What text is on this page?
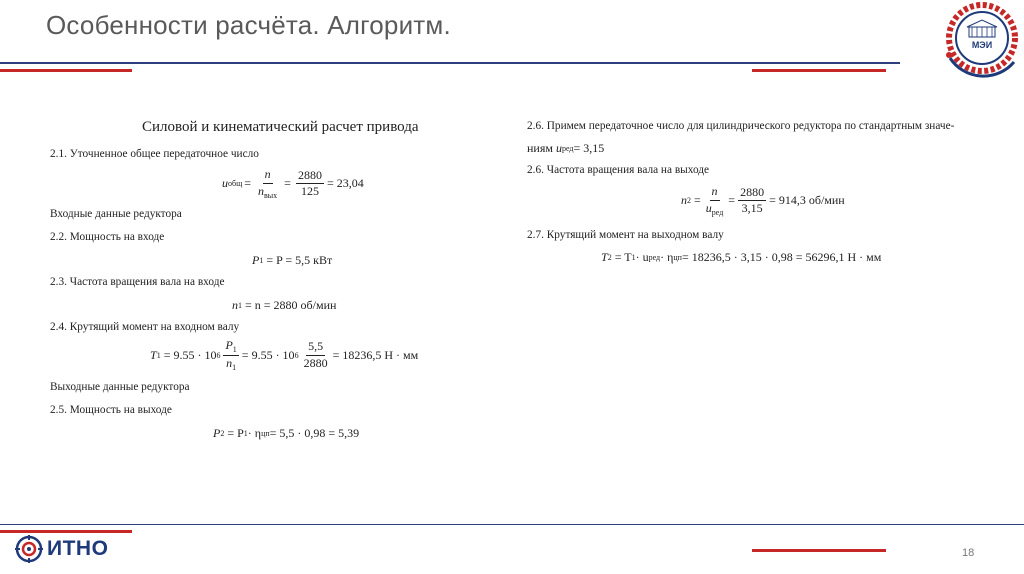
Особенности расчёта. Алгоритм.
МЭИ
Силовой и кинематический расчет привода
2.1. Уточненное общее передаточное число
u общ = $\frac{n}{n_{вых}} = \frac{2880}{125} = 23,04$
Входные данные редуктора
2.2. Мощность на входе
P 1
= P = 5,5 кВт
2.3. Частота вращения вала на входе
n 1
= n = 2880 об/мин
2.4. Крутящий момент на входном валу
T 1
= 9.55 · 10 $6 \frac{P_1}{n_1} = 9.55 \cdot 10$ $6 \frac{5,5}{2880} = 18236,5$ Н · мм
Выходные данные редуктора
2.5. Мощность на выходе
P 2
= P 1 · η цп = 5,5 · 0,98 = 5,39
2.6. Примем передаточное число для цилиндрического редуктора по стандартным значе-
ниям
u ред = 3,15
2.6. Частота вращения вала на выходе
n $2 = \frac{n}{u_{ред}} = \frac{2880}{3,15} = 914,3$ об/мин
2.7. Крутящий момент на выходном валу
T 2
= T 1 · u ред · η цп = 18236,5 · 3,15 · 0,98 = 56296,1 Н · мм
ИТНО	18
